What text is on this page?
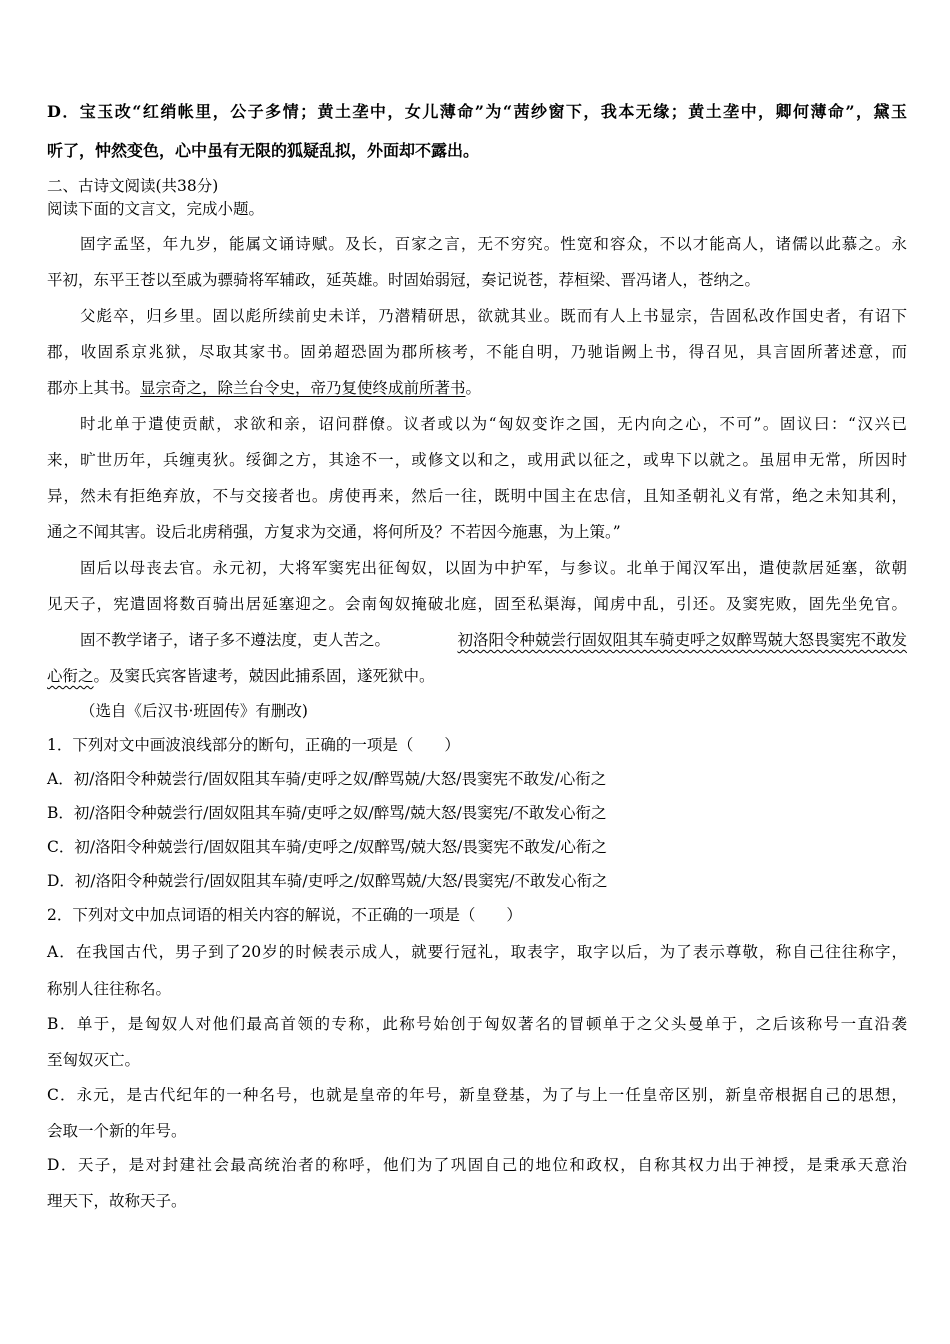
D．宝玉改“红绡帐里，公子多情；黄土垄中，女儿薄命”为“茜纱窗下，我本无缘；黄土垄中，卿何薄命”，黛玉
听了，忡然变色，心中虽有无限的狐疑乱拟，外面却不露出。
二、古诗文阅读(共38分)
阅读下面的文言文，完成小题。
固字孟坚，年九岁，能属文诵诗赋。及长，百家之言，无不穷究。性宽和容众，不以才能高人，诸儒以此慕之。永
平初，东平王苍以至戚为骠骑将军辅政，延英雄。时固始弱冠，奏记说苍，荐桓梁、晋冯诸人，苍纳之。
父彪卒，归乡里。固以彪所续前史未详，乃潜精研思，欲就其业。既而有人上书显宗，告固私改作国史者，有诏下
郡，收固系京兆狱，尽取其家书。固弟超恐固为郡所核考，不能自明，乃驰诣阙上书，得召见，具言固所著述意，而
郡亦上其书。显宗奇之，除兰台令史，帝乃复使终成前所著书。
时北单于遣使贡献，求欲和亲，诏问群僚。议者或以为“匈奴变诈之国，无内向之心，不可”。固议曰：“汉兴已
来，旷世历年，兵缠夷狄。绥御之方，其途不一，或修文以和之，或用武以征之，或卑下以就之。虽屈申无常，所因时
异，然未有拒绝弃放，不与交接者也。虏使再来，然后一往，既明中国主在忠信，且知圣朝礼义有常，绝之未知其利，
通之不闻其害。设后北虏稍强，方复求为交通，将何所及？不若因今施惠，为上策。”
固后以母丧去官。永元初，大将军窦宪出征匈奴，以固为中护军，与参议。北单于闻汉军出，遣使款居延塞，欲朝
见天子，宪遣固将数百骑出居延塞迎之。会南匈奴掩破北庭，固至私渠海，闻虏中乱，引还。及窦宪败，固先坐免官。
固不教学诸子，诸子多不遵法度，吏人苦之。	初洛阳令种兢尝行固奴阻其车骑吏呼之奴醉骂兢大怒畏窦宪不敢发
心衔之。及窦氏宾客皆逮考，兢因此捕系固，遂死狱中。
（选自《后汉书·班固传》有删改)
1．下列对文中画波浪线部分的断句，正确的一项是（　　）
A．初/洛阳令种兢尝行/固奴阻其车骑/吏呼之奴/醉骂兢/大怒/畏窦宪不敢发/心衔之
B．初/洛阳令种兢尝行/固奴阻其车骑/吏呼之奴/醉骂/兢大怒/畏窦宪/不敢发心衔之
C．初/洛阳令种兢尝行/固奴阻其车骑/吏呼之/奴醉骂/兢大怒/畏窦宪不敢发/心衔之
D．初/洛阳令种兢尝行/固奴阻其车骑/吏呼之/奴醉骂兢/大怒/畏窦宪/不敢发心衔之
2．下列对文中加点词语的相关内容的解说，不正确的一项是（　　）
A．在我国古代，男子到了20岁的时候表示成人，就要行冠礼，取表字，取字以后，为了表示尊敬，称自己往往称字，
称别人往往称名。
B．单于，是匈奴人对他们最高首领的专称，此称号始创于匈奴著名的冒顿单于之父头曼单于，之后该称号一直沿袭
至匈奴灭亡。
C．永元，是古代纪年的一种名号，也就是皇帝的年号，新皇登基，为了与上一任皇帝区别，新皇帝根据自己的思想，
会取一个新的年号。
D．天子，是对封建社会最高统治者的称呼，他们为了巩固自己的地位和政权，自称其权力出于神授，是秉承天意治
理天下，故称天子。
